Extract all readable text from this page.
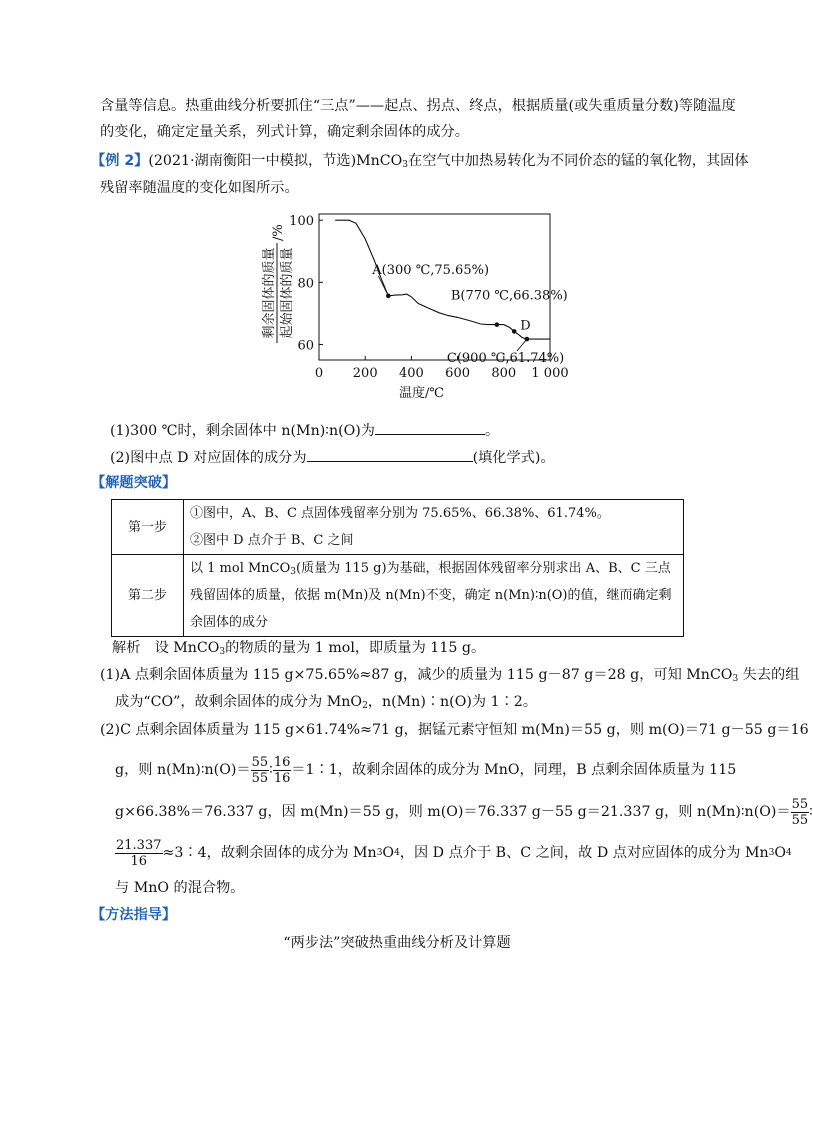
含量等信息。热重曲线分析要抓住“三点”——起点、拐点、终点，根据质量(或失重质量分数)等随温度
的变化，确定定量关系，列式计算，确定剩余固体的成分。
【例 2】(2021·湖南衡阳一中模拟，节选)MnCO$_3$在空气中加热易转化为不同价态的锰的氧化物，其固体
残留率随温度的变化如图所示。
0 200 400 600 800 1 000
60
80
100
温度/℃
剩余固体的质量 起始固体的质量
/%
A(300 ℃,75.65%)
B(770 ℃,66.38%)
D
C(900 ℃,61.74%)
(1)300 ℃时，剩余固体中 n(Mn)∶n(O)为	。
(2)图中点 D 对应固体的成分为	(填化学式)。
【解题突破】
第一步	①图中，A、B、C 点固体残留率分别为 75.65%、66.38%、61.74%。
②图中 D 点介于 B、C 之间

第二步	以 1 mol MnCO$_3$(质量为 115 g)为基础，根据固体残留率分别求出 A、B、C 三点
残留固体的质量，依据 m(Mn)及 n(Mn)不变，确定 n(Mn)∶n(O)的值，继而确定剩
余固体的成分
解析　设 MnCO$_3$的物质的量为 1 mol，即质量为 115 g。
(1)A 点剩余固体质量为 115 g×75.65%≈87 g，减少的质量为 115 g－87 g＝28 g，可知 MnCO$_3$ 失去的组
成为“CO”，故剩余固体的成分为 MnO$_2$，n(Mn)∶n(O)为 1∶2。
(2)C 点剩余固体质量为 115 g×61.74%≈71 g，据锰元素守恒知 m(Mn)＝55 g，则 m(O)＝71 g－55 g＝16
g，则 n(Mn)∶n(O)＝ $\frac{55}{55}$ ∶ $\frac{16}{16}$ ＝1∶1，故剩余固体的成分为 MnO，同理，B 点剩余固体质量为 115
g×66.38%＝76.337 g，因 m(Mn)＝55 g，则 m(O)＝76.337 g－55 g＝21.337 g，则 n(Mn)∶n(O)＝ $\frac{55}{55}$ ∶
$\frac{21.337}{16}$ ≈3∶4，故剩余固体的成分为 Mn 3 O 4 ，因 D 点介于 B、C 之间，故 D 点对应固体的成分为 Mn 3 O 4
与 MnO 的混合物。
【方法指导】
“两步法”突破热重曲线分析及计算题
